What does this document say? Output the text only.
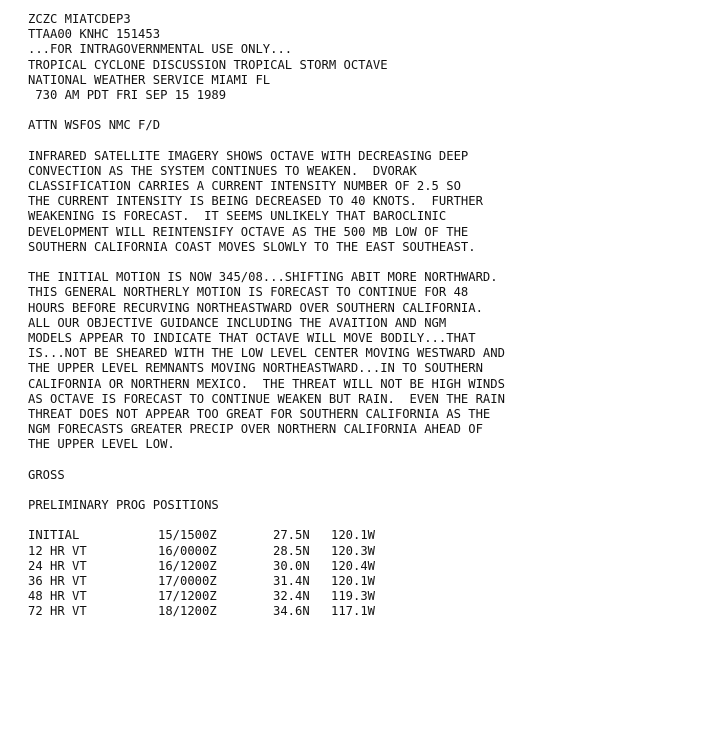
ZCZC MIATCDEP3
TTAA00 KNHC 151453
...FOR INTRAGOVERNMENTAL USE ONLY...
TROPICAL CYCLONE DISCUSSION TROPICAL STORM OCTAVE
NATIONAL WEATHER SERVICE MIAMI FL
730 AM PDT FRI SEP 15 1989
ATTN WSFOS NMC F/D
INFRARED SATELLITE IMAGERY SHOWS OCTAVE WITH DECREASING DEEP
CONVECTION AS THE SYSTEM CONTINUES TO WEAKEN.  DVORAK
CLASSIFICATION CARRIES A CURRENT INTENSITY NUMBER OF 2.5 SO
THE CURRENT INTENSITY IS BEING DECREASED TO 40 KNOTS.  FURTHER
WEAKENING IS FORECAST.  IT SEEMS UNLIKELY THAT BAROCLINIC
DEVELOPMENT WILL REINTENSIFY OCTAVE AS THE 500 MB LOW OF THE
SOUTHERN CALIFORNIA COAST MOVES SLOWLY TO THE EAST SOUTHEAST.
THE INITIAL MOTION IS NOW 345/08...SHIFTING ABIT MORE NORTHWARD.
THIS GENERAL NORTHERLY MOTION IS FORECAST TO CONTINUE FOR 48
HOURS BEFORE RECURVING NORTHEASTWARD OVER SOUTHERN CALIFORNIA.
ALL OUR OBJECTIVE GUIDANCE INCLUDING THE AVAITION AND NGM
MODELS APPEAR TO INDICATE THAT OCTAVE WILL MOVE BODILY...THAT
IS...NOT BE SHEARED WITH THE LOW LEVEL CENTER MOVING WESTWARD AND
THE UPPER LEVEL REMNANTS MOVING NORTHEASTWARD...IN TO SOUTHERN
CALIFORNIA OR NORTHERN MEXICO.  THE THREAT WILL NOT BE HIGH WINDS
AS OCTAVE IS FORECAST TO CONTINUE WEAKEN BUT RAIN.  EVEN THE RAIN
THREAT DOES NOT APPEAR TOO GREAT FOR SOUTHERN CALIFORNIA AS THE
NGM FORECASTS GREATER PRECIP OVER NORTHERN CALIFORNIA AHEAD OF
THE UPPER LEVEL LOW.
GROSS
PRELIMINARY PROG POSITIONS
INITIAL	15/1500Z	27.5N	120.1W
12 HR VT	16/0000Z	28.5N	120.3W
24 HR VT	16/1200Z	30.0N	120.4W
36 HR VT	17/0000Z	31.4N	120.1W
48 HR VT	17/1200Z	32.4N	119.3W
72 HR VT	18/1200Z	34.6N	117.1W
